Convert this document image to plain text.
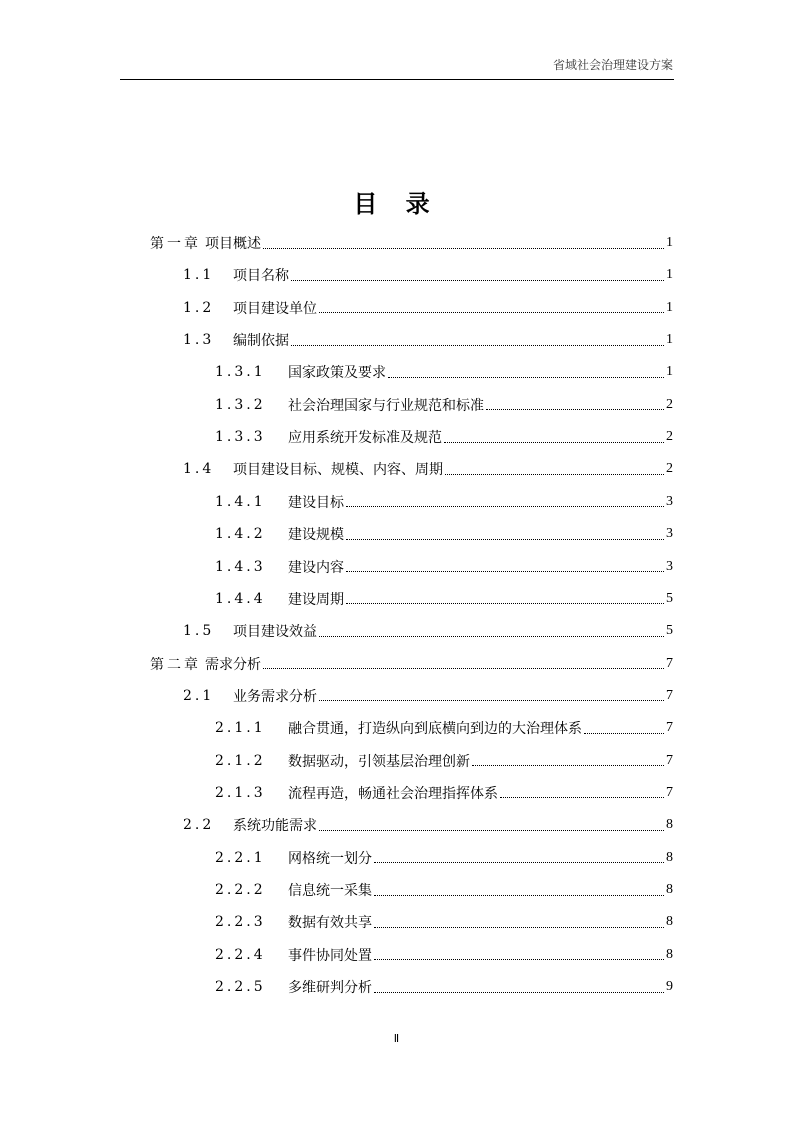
省域社会治理建设方案
目 录
第一章 项目概述	1
1.1	项目名称	1
1.2	项目建设单位	1
1.3	编制依据	1
1.3.1	国家政策及要求	1
1.3.2	社会治理国家与行业规范和标准	2
1.3.3	应用系统开发标准及规范	2
1.4	项目建设目标、规模、内容、周期	2
1.4.1	建设目标	3
1.4.2	建设规模	3
1.4.3	建设内容	3
1.4.4	建设周期	5
1.5	项目建设效益	5
第二章 需求分析	7
2.1	业务需求分析	7
2.1.1	融合贯通，打造纵向到底横向到边的大治理体系	7
2.1.2	数据驱动，引领基层治理创新	7
2.1.3	流程再造，畅通社会治理指挥体系	7
2.2	系统功能需求	8
2.2.1	网格统一划分	8
2.2.2	信息统一采集	8
2.2.3	数据有效共享	8
2.2.4	事件协同处置	8
2.2.5	多维研判分析	9
Ⅱ
